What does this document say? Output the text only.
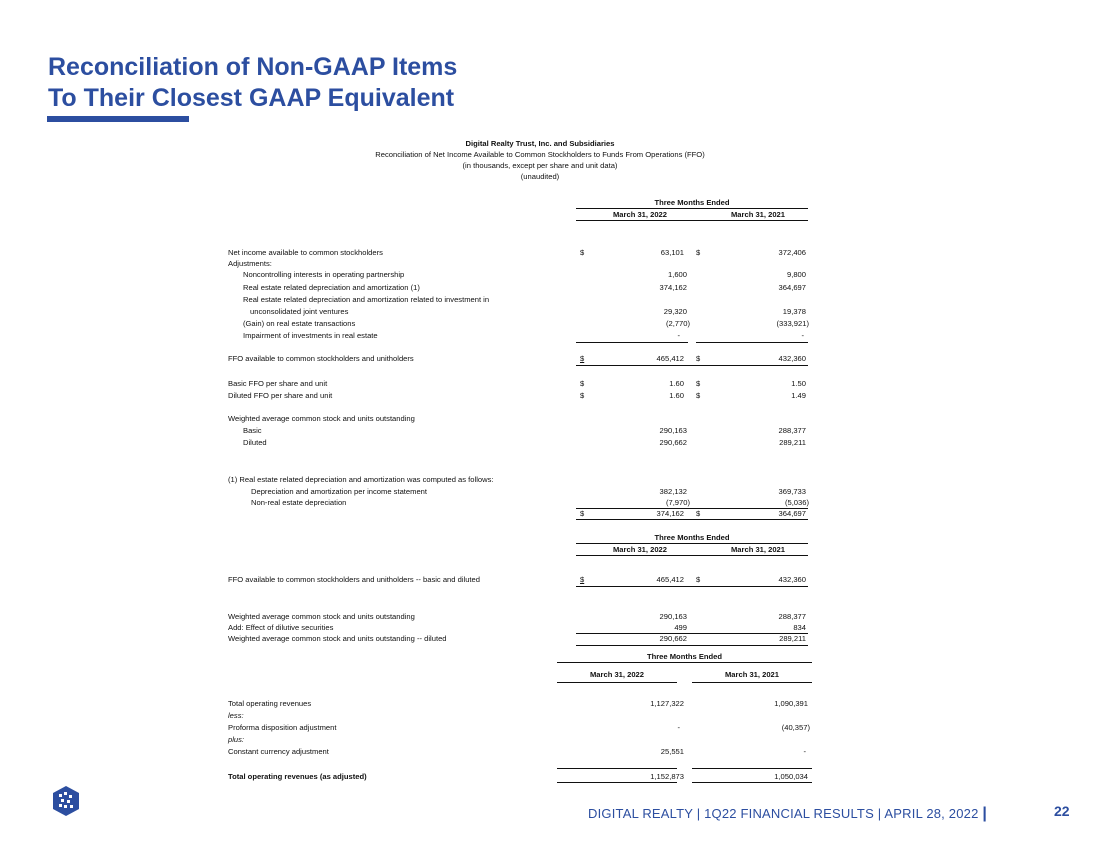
Reconciliation of Non-GAAP Items
To Their Closest GAAP Equivalent
Digital Realty Trust, Inc. and Subsidiaries
Reconciliation of Net Income Available to Common Stockholders to Funds From Operations (FFO)
(in thousands, except per share and unit data)
(unaudited)
Three Months Ended
March 31, 2022	March 31, 2021
Net income available to common stockholders	$	63,101 $	372,406
Adjustments:
Noncontrolling interests in operating partnership	1,600	9,800
Real estate related depreciation and amortization (1)	374,162	364,697
Real estate related depreciation and amortization related to investment in
unconsolidated joint ventures	29,320	19,378
(Gain) on real estate transactions	(2,770)	(333,921)
Impairment of investments in real estate	-	-
FFO available to common stockholders and unitholders	$	465,412 $	432,360
Basic FFO per share and unit	$	1.60 $	1.50
Diluted FFO per share and unit	$	1.60 $	1.49
Weighted average common stock and units outstanding
Basic	290,163	288,377
Diluted	290,662	289,211
(1) Real estate related depreciation and amortization was computed as follows:
Depreciation and amortization per income statement	382,132	369,733
Non-real estate depreciation	(7,970)	(5,036)
$	374,162 $	364,697
Three Months Ended
March 31, 2022	March 31, 2021
FFO available to common stockholders and unitholders -- basic and diluted	$	465,412 $	432,360
Weighted average common stock and units outstanding	290,163	288,377
Add: Effect of dilutive securities	499	834
Weighted average common stock and units outstanding -- diluted	290,662	289,211
Three Months Ended
March 31, 2022	March 31, 2021
Total operating revenues	1,127,322	1,090,391
less:
Proforma disposition adjustment	-	(40,357)
plus:
Constant currency adjustment	25,551	-
Total operating revenues (as adjusted)	1,152,873	1,050,034
DIGITAL REALTY | 1Q22 FINANCIAL RESULTS | APRIL 28, 2022 |	22
